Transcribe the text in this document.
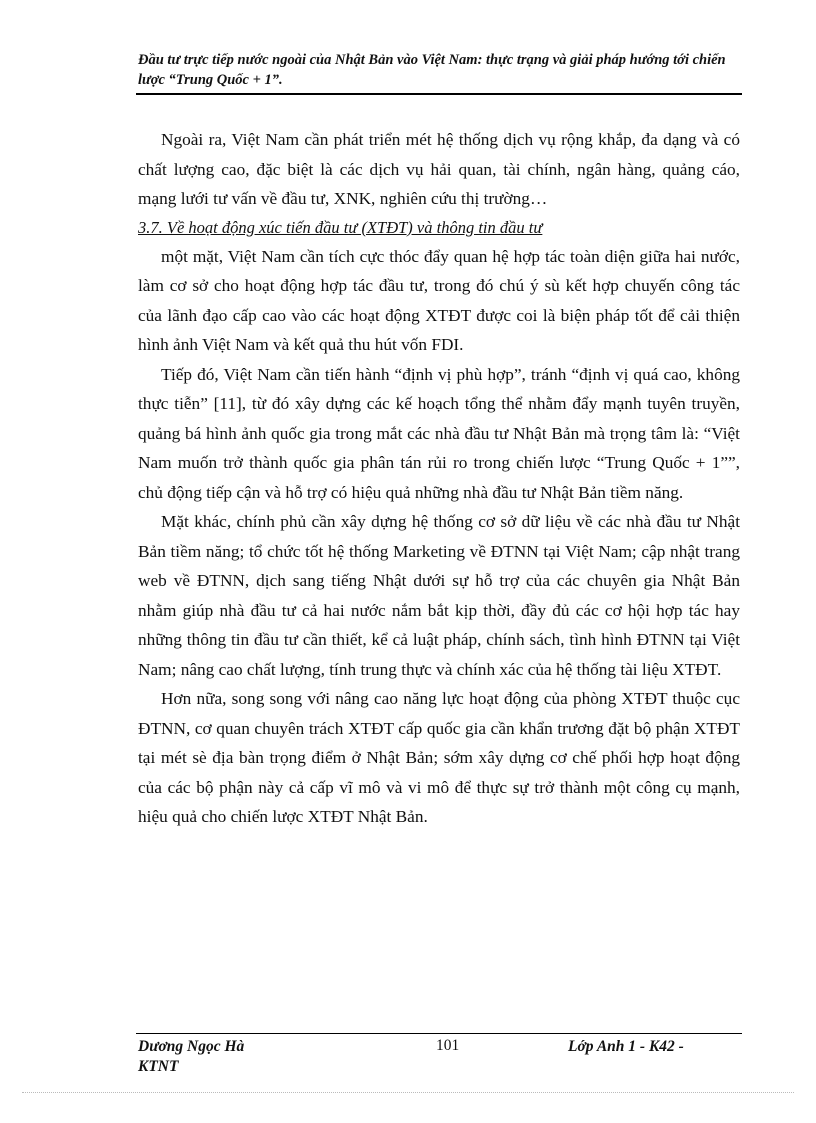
Đầu tư trực tiếp nước ngoài của Nhật Bản vào Việt Nam: thực trạng và giải pháp hướng tới chiến lược “Trung Quốc + 1”.

Ngoài ra, Việt Nam cần phát triển mét hệ thống dịch vụ rộng khắp, đa dạng và có chất lượng cao, đặc biệt là các dịch vụ hải quan, tài chính, ngân hàng, quảng cáo, mạng lưới tư vấn về đầu tư, XNK, nghiên cứu thị trường…

3.7. Về hoạt động xúc tiến đầu tư (XTĐT) và thông tin đầu tư

một mặt, Việt Nam cần tích cực thóc đẩy quan hệ hợp tác toàn diện giữa hai nước, làm cơ sở cho hoạt động hợp tác đầu tư, trong đó chú ý sù kết hợp chuyến công tác của lãnh đạo cấp cao vào các hoạt động XTĐT được coi là biện pháp tốt để cải thiện hình ảnh Việt Nam và kết quả thu hút vốn FDI.

Tiếp đó, Việt Nam cần tiến hành “định vị phù hợp”, tránh “định vị quá cao, không thực tiễn” [11], từ đó xây dựng các kế hoạch tổng thể nhằm đẩy mạnh tuyên truyền, quảng bá hình ảnh quốc gia trong mắt các nhà đầu tư Nhật Bản mà trọng tâm là: “Việt Nam muốn trở thành quốc gia phân tán rủi ro trong chiến lược “Trung Quốc + 1””, chủ động tiếp cận và hỗ trợ có hiệu quả những nhà đầu tư Nhật Bản tiềm năng.

Mặt khác, chính phủ cần xây dựng hệ thống cơ sở dữ liệu về các nhà đầu tư Nhật Bản tiềm năng; tổ chức tốt hệ thống Marketing về ĐTNN tại Việt Nam; cập nhật trang web về ĐTNN, dịch sang tiếng Nhật dưới sự hỗ trợ của các chuyên gia Nhật Bản nhằm giúp nhà đầu tư cả hai nước nắm bắt kịp thời, đầy đủ các cơ hội hợp tác hay những thông tin đầu tư cần thiết, kể cả luật pháp, chính sách, tình hình ĐTNN tại Việt Nam; nâng cao chất lượng, tính trung thực và chính xác của hệ thống tài liệu XTĐT.

Hơn nữa, song song với nâng cao năng lực hoạt động của phòng XTĐT thuộc cục ĐTNN, cơ quan chuyên trách XTĐT cấp quốc gia cần khẩn trương đặt bộ phận XTĐT tại mét sè địa bàn trọng điểm ở Nhật Bản; sớm xây dựng cơ chế phối hợp hoạt động của các bộ phận này cả cấp vĩ mô và vi mô để thực sự trở thành một công cụ mạnh, hiệu quả cho chiến lược XTĐT Nhật Bản.

Dương Ngọc Hà
KTNT
101	Lớp Anh 1 - K42 -
